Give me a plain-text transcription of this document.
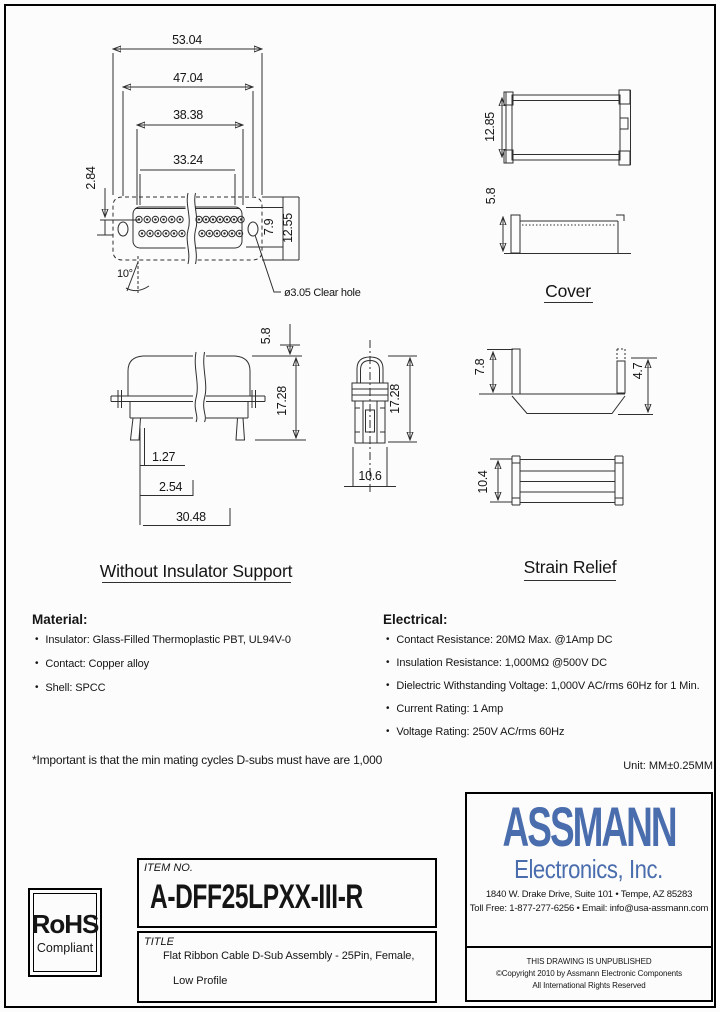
53.04
47.04
38.38
33.24
7.9 12.55
2.84
10°
ø3.05 Clear hole
12.85
5.8
Cover
5.8
17.28
1.27
2.54
30.48
Without Insulator Support
17.28
10.6
7.8	4.7
10.4
Strain Relief
Material:
• Insulator: Glass-Filled Thermoplastic PBT, UL94V-0
• Contact: Copper alloy
• Shell: SPCC
Electrical:
• Contact Resistance: 20MΩ Max. @1Amp DC
• Insulation Resistance: 1,000MΩ @500V DC
• Dielectric Withstanding Voltage: 1,000V AC/rms 60Hz for 1 Min.
• Current Rating: 1 Amp
• Voltage Rating: 250V AC/rms 60Hz
*Important is that the min mating cycles D-subs must have are 1,000	Unit: MM±0.25MM
RoHS
Compliant
ITEM NO.
A-DFF25LPXX-III-R
TITLE
Flat Ribbon Cable D-Sub Assembly - 25Pin, Female,
Low Profile
ASSMANN
Electronics, Inc.
1840 W. Drake Drive, Suite 101 • Tempe, AZ 85283
Toll Free: 1-877-277-6256 • Email: info@usa-assmann.com
THIS DRAWING IS UNPUBLISHED
©Copyright 2010 by Assmann Electronic Components
All International Rights Reserved
